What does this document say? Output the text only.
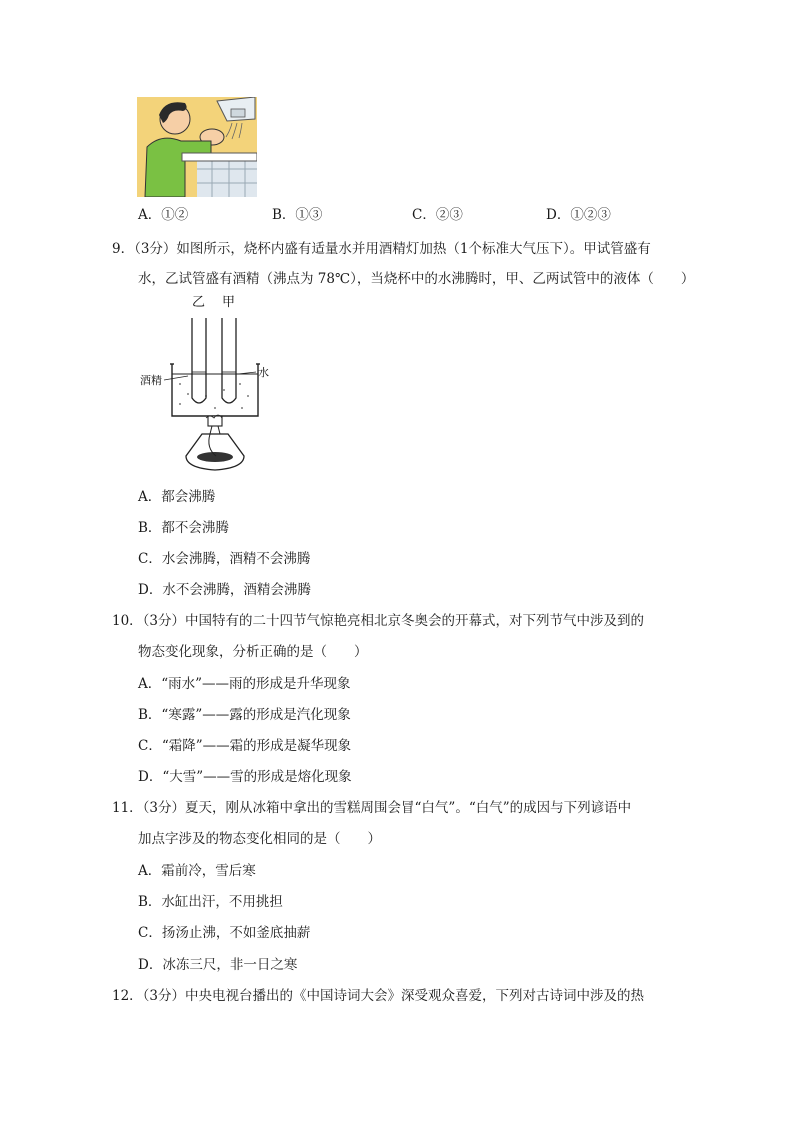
A．①②	B．①③	C．②③	D．①②③
9．（3分）如图所示，烧杯内盛有适量水并用酒精灯加热（1个标准大气压下）。甲试管盛有
水，乙试管盛有酒精（沸点为 78℃），当烧杯中的水沸腾时，甲、乙两试管中的液体（　　）
乙 甲
酒精
水
A．都会沸腾
B．都不会沸腾
C．水会沸腾，酒精不会沸腾
D．水不会沸腾，酒精会沸腾
10．（3分）中国特有的二十四节气惊艳亮相北京冬奥会的开幕式，对下列节气中涉及到的
物态变化现象，分析正确的是（　　）
A．“雨水”——雨的形成是升华现象
B．“寒露”——露的形成是汽化现象
C．“霜降”——霜的形成是凝华现象
D．“大雪”——雪的形成是熔化现象
11．（3分）夏天，刚从冰箱中拿出的雪糕周围会冒“白气”。“白气”的成因与下列谚语中
加点字涉及的物态变化相同的是（　　）
A．霜前冷，雪后寒
B．水缸出汗，不用挑担
C．扬汤止沸，不如釜底抽薪
D．冰冻三尺，非一日之寒
12．（3分）中央电视台播出的《中国诗词大会》深受观众喜爱，下列对古诗词中涉及的热
